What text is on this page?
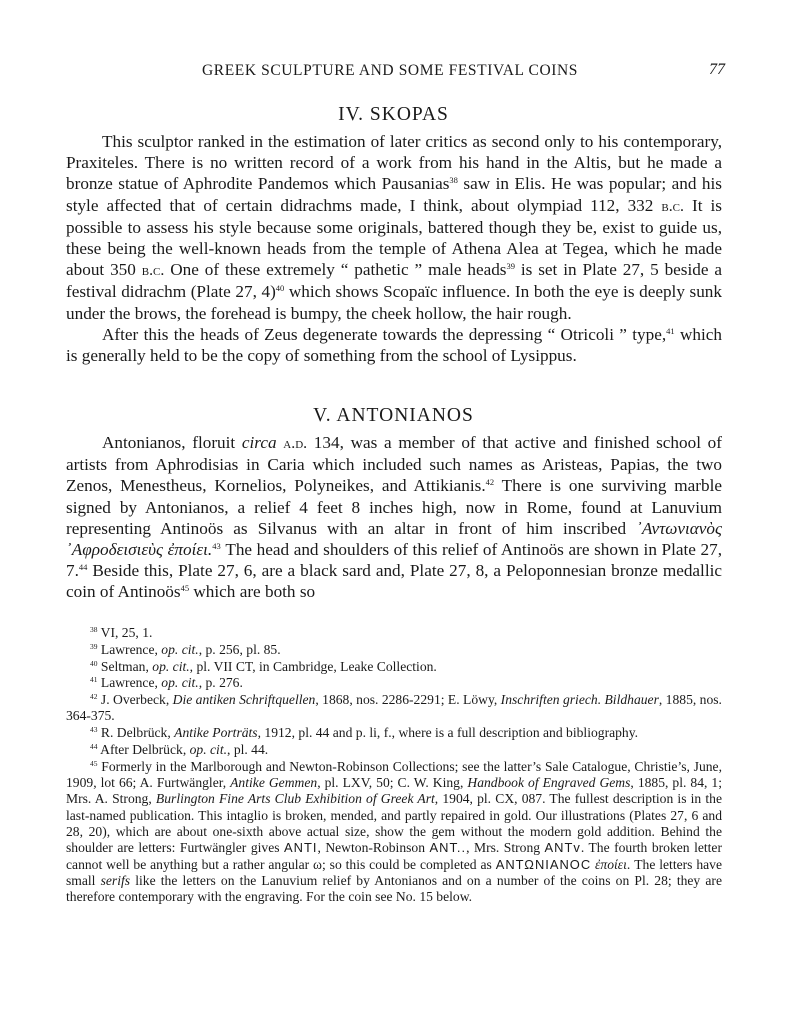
GREEK SCULPTURE AND SOME FESTIVAL COINS	77
IV. SKOPAS

This sculptor ranked in the estimation of later critics as second only to his contemporary, Praxiteles. There is no written record of a work from his hand in the Altis, but he made a bronze statue of Aphrodite Pandemos which Pausanias$^{38}$ saw in Elis. He was popular; and his style affected that of certain didrachms made, I think, about olympiad 112, 332 b.c. It is possible to assess his style because some originals, battered though they be, exist to guide us, these being the well-known heads from the temple of Athena Alea at Tegea, which he made about 350 b.c. One of these extremely “ pathetic ” male heads$^{39}$ is set in Plate 27, 5 beside a festival didrachm (Plate 27, 4)$^{40}$ which shows Scopaïc influence. In both the eye is deeply sunk under the brows, the forehead is bumpy, the cheek hollow, the hair rough.

After this the heads of Zeus degenerate towards the depressing “ Otricoli ” type,$^{41}$ which is generally held to be the copy of something from the school of Lysippus.

V. ANTONIANOS

Antonianos, floruit circa a.d. 134, was a member of that active and finished school of artists from Aphrodisias in Caria which included such names as Aristeas, Papias, the two Zenos, Menestheus, Kornelios, Polyneikes, and Attikianis.$^{42}$ There is one surviving marble signed by Antonianos, a relief 4 feet 8 inches high, now in Rome, found at Lanuvium representing Antinoös as Silvanus with an altar in front of him inscribed ᾿Αντωνιανὸς ᾿Αφροδεισιεὺς ἐποίει.$^{43}$ The head and shoulders of this relief of Antinoös are shown in Plate 27, 7.44 Beside this, Plate 27, 6, are a black sard and, Plate 27, 8, a Peloponnesian bronze medallic coin of Antinoös$^{45}$ which are both so

$^{38}$ VI, 25, 1.

$^{39}$ Lawrence, op. cit., p. 256, pl. 85.

$^{40}$ Seltman, op. cit., pl. VII CT, in Cambridge, Leake Collection.

$^{41}$ Lawrence, op. cit., p. 276.

$^{42}$ J. Overbeck, Die antiken Schriftquellen, 1868, nos. 2286-2291; E. Löwy, Inschriften griech. Bildhauer, 1885, nos. 364-375.

$^{43}$ R. Delbrück, Antike Porträts, 1912, pl. 44 and p. li, f., where is a full description and bibliography.

$^{44}$ After Delbrück, op. cit., pl. 44.

$^{45}$ Formerly in the Marlborough and Newton-Robinson Collections; see the latter’s Sale Catalogue, Christie’s, June, 1909, lot 66; A. Furtwängler, Antike Gemmen, pl. LXV, 50; C. W. King, Handbook of Engraved Gems, 1885, pl. 84, 1; Mrs. A. Strong, Burlington Fine Arts Club Exhibition of Greek Art, 1904, pl. CX, 087. The fullest description is in the last-named publication. This intaglio is broken, mended, and partly repaired in gold. Our illustrations (Plates 27, 6 and 28, 20), which are about one-sixth above actual size, show the gem without the modern gold addition. Behind the shoulder are letters: Furtwängler gives ANTI, Newton-Robinson ANT.., Mrs. Strong ANTv. The fourth broken letter cannot well be anything but a rather angular ω; so this could be completed as ΑΝΤΩΝΙΑΝΟC ἐποίει. The letters have small serifs like the letters on the Lanuvium relief by Antonianos and on a number of the coins on Pl. 28; they are therefore contemporary with the engraving. For the coin see No. 15 below.
